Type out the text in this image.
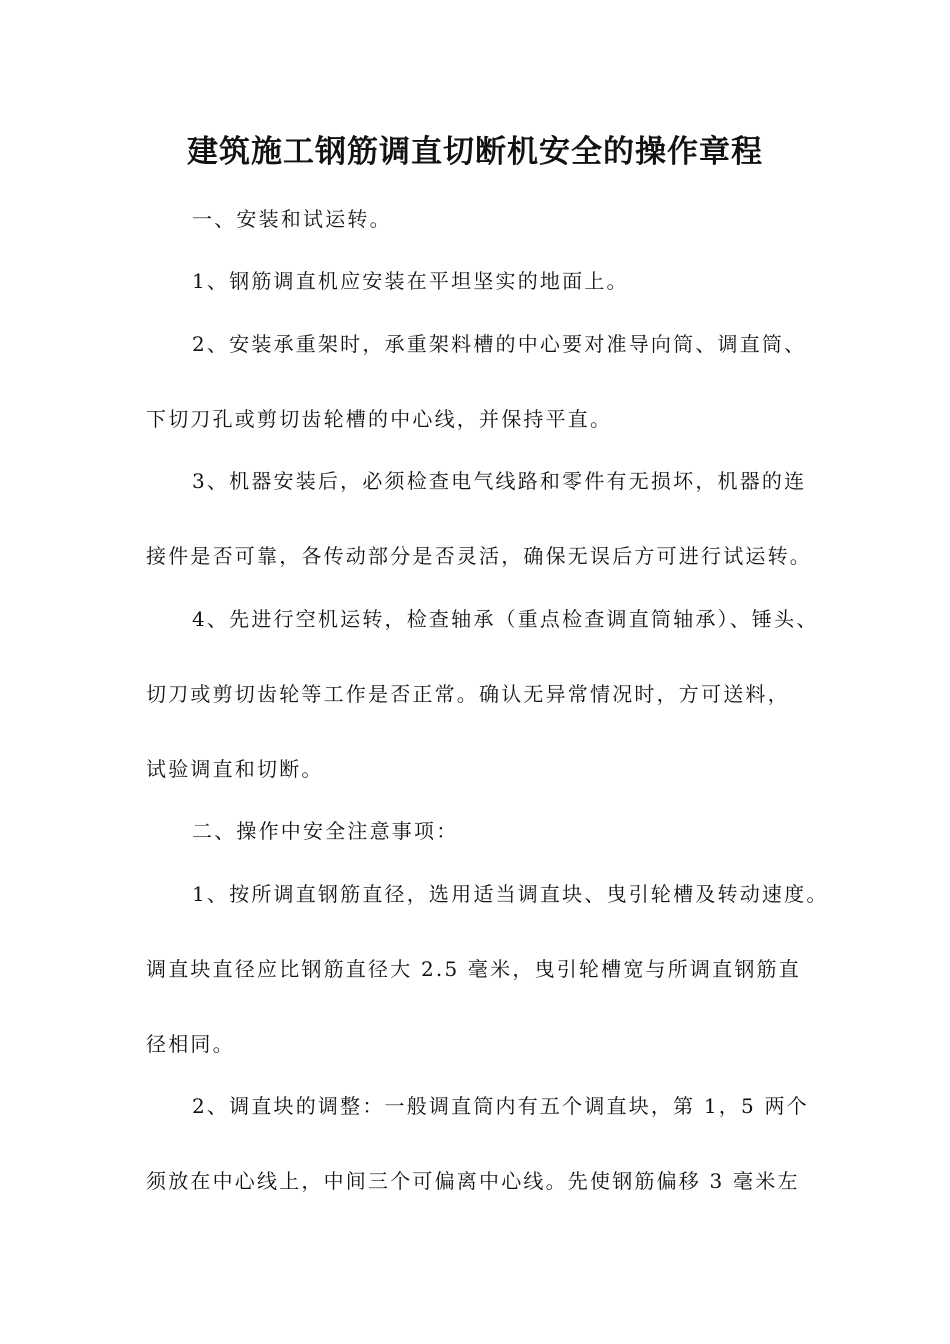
建筑施工钢筋调直切断机安全的操作章程

一、安装和试运转。

1、钢筋调直机应安装在平坦坚实的地面上。

2、安装承重架时，承重架料槽的中心要对准导向筒、调直筒、

下切刀孔或剪切齿轮槽的中心线，并保持平直。

3、机器安装后，必须检查电气线路和零件有无损坏，机器的连

接件是否可靠，各传动部分是否灵活，确保无误后方可进行试运转。

4、先进行空机运转，检查轴承（重点检查调直筒轴承）、锤头、

切刀或剪切齿轮等工作是否正常。确认无异常情况时，方可送料，

试验调直和切断。

二、操作中安全注意事项：

1、按所调直钢筋直径，选用适当调直块、曳引轮槽及转动速度。

调直块直径应比钢筋直径大 2.5 毫米，曳引轮槽宽与所调直钢筋直

径相同。

2、调直块的调整：一般调直筒内有五个调直块，第 1，5 两个

须放在中心线上，中间三个可偏离中心线。先使钢筋偏移 3 毫米左
